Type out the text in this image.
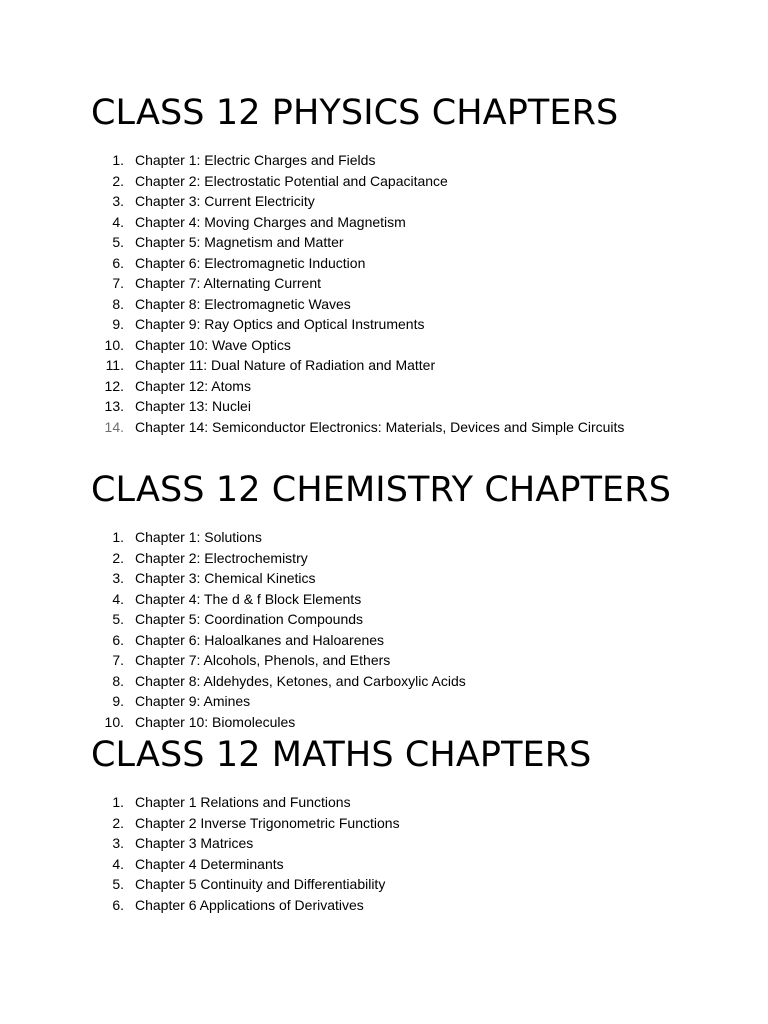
CLASS 12 PHYSICS CHAPTERS
1. Chapter 1: Electric Charges and Fields
2. Chapter 2: Electrostatic Potential and Capacitance
3. Chapter 3: Current Electricity
4. Chapter 4: Moving Charges and Magnetism
5. Chapter 5: Magnetism and Matter
6. Chapter 6: Electromagnetic Induction
7. Chapter 7: Alternating Current
8. Chapter 8: Electromagnetic Waves
9. Chapter 9: Ray Optics and Optical Instruments
10. Chapter 10: Wave Optics
11. Chapter 11: Dual Nature of Radiation and Matter
12. Chapter 12: Atoms
13. Chapter 13: Nuclei
14. Chapter 14: Semiconductor Electronics: Materials, Devices and Simple Circuits
CLASS 12 CHEMISTRY CHAPTERS
1. Chapter 1: Solutions
2. Chapter 2: Electrochemistry
3. Chapter 3: Chemical Kinetics
4. Chapter 4: The d & f Block Elements
5. Chapter 5: Coordination Compounds
6. Chapter 6: Haloalkanes and Haloarenes
7. Chapter 7: Alcohols, Phenols, and Ethers
8. Chapter 8: Aldehydes, Ketones, and Carboxylic Acids
9. Chapter 9: Amines
10. Chapter 10: Biomolecules
CLASS 12 MATHS CHAPTERS
1. Chapter 1 Relations and Functions
2. Chapter 2 Inverse Trigonometric Functions
3. Chapter 3 Matrices
4. Chapter 4 Determinants
5. Chapter 5 Continuity and Differentiability
6. Chapter 6 Applications of Derivatives
